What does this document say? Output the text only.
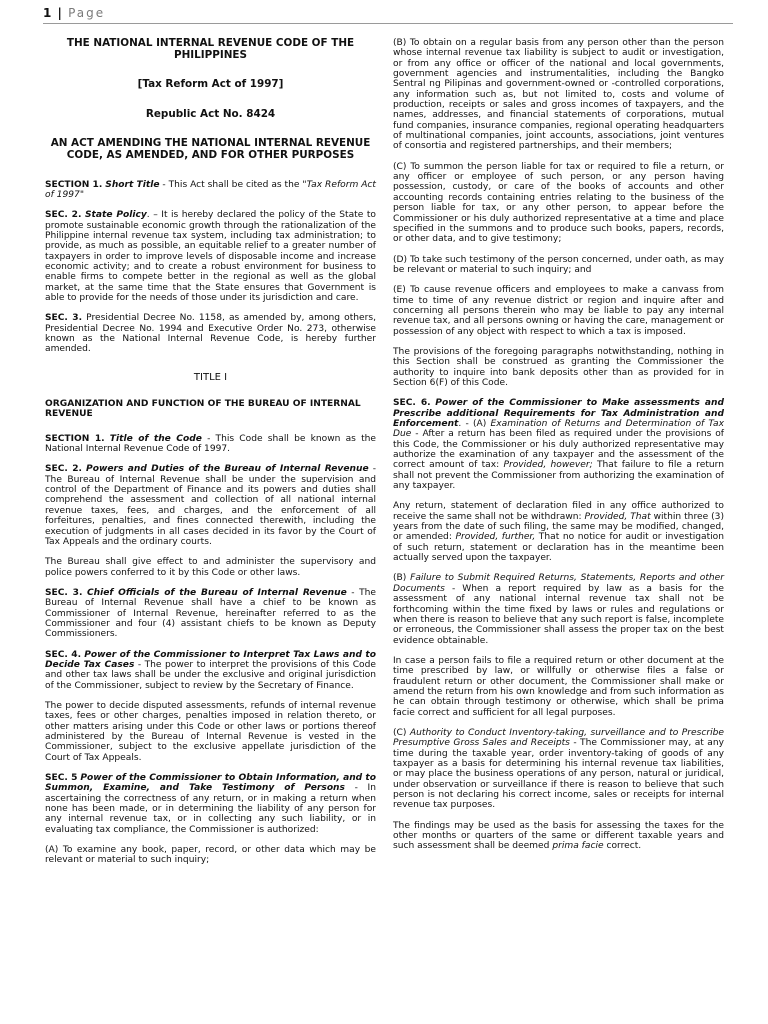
1 | Page
THE NATIONAL INTERNAL REVENUE CODE OF THE PHILIPPINES
[Tax Reform Act of 1997]
Republic Act No. 8424
AN ACT AMENDING THE NATIONAL INTERNAL REVENUE CODE, AS AMENDED, AND FOR OTHER PURPOSES

SECTION 1. Short Title - This Act shall be cited as the "Tax Reform Act of 1997"

SEC. 2. State Policy. – It is hereby declared the policy of the State to promote sustainable economic growth through the rationalization of the Philippine internal revenue tax system, including tax administration; to provide, as much as possible, an equitable relief to a greater number of taxpayers in order to improve levels of disposable income and increase economic activity; and to create a robust environment for business to enable firms to compete better in the regional as well as the global market, at the same time that the State ensures that Government is able to provide for the needs of those under its jurisdiction and care.

SEC. 3. Presidential Decree No. 1158, as amended by, among others, Presidential Decree No. 1994 and Executive Order No. 273, otherwise known as the National Internal Revenue Code, is hereby further amended.

TITLE I
ORGANIZATION AND FUNCTION OF THE BUREAU OF INTERNAL REVENUE

SECTION 1. Title of the Code - This Code shall be known as the National Internal Revenue Code of 1997.

SEC. 2. Powers and Duties of the Bureau of Internal Revenue - The Bureau of Internal Revenue shall be under the supervision and control of the Department of Finance and its powers and duties shall comprehend the assessment and collection of all national internal revenue taxes, fees, and charges, and the enforcement of all forfeitures, penalties, and fines connected therewith, including the execution of judgments in all cases decided in its favor by the Court of Tax Appeals and the ordinary courts.

The Bureau shall give effect to and administer the supervisory and police powers conferred to it by this Code or other laws.

SEC. 3. Chief Officials of the Bureau of Internal Revenue - The Bureau of Internal Revenue shall have a chief to be known as Commissioner of Internal Revenue, hereinafter referred to as the Commissioner and four (4) assistant chiefs to be known as Deputy Commissioners.

SEC. 4. Power of the Commissioner to Interpret Tax Laws and to Decide Tax Cases - The power to interpret the provisions of this Code and other tax laws shall be under the exclusive and original jurisdiction of the Commissioner, subject to review by the Secretary of Finance.

The power to decide disputed assessments, refunds of internal revenue taxes, fees or other charges, penalties imposed in relation thereto, or other matters arising under this Code or other laws or portions thereof administered by the Bureau of Internal Revenue is vested in the Commissioner, subject to the exclusive appellate jurisdiction of the Court of Tax Appeals.

SEC. 5 Power of the Commissioner to Obtain Information, and to Summon, Examine, and Take Testimony of Persons - In ascertaining the correctness of any return, or in making a return when none has been made, or in determining the liability of any person for any internal revenue tax, or in collecting any such liability, or in evaluating tax compliance, the Commissioner is authorized:

(A) To examine any book, paper, record, or other data which may be relevant or material to such inquiry;

(B) To obtain on a regular basis from any person other than the person whose internal revenue tax liability is subject to audit or investigation, or from any office or officer of the national and local governments, government agencies and instrumentalities, including the Bangko Sentral ng Pilipinas and government-owned or -controlled corporations, any information such as, but not limited to, costs and volume of production, receipts or sales and gross incomes of taxpayers, and the names, addresses, and financial statements of corporations, mutual fund companies, insurance companies, regional operating headquarters of multinational companies, joint accounts, associations, joint ventures of consortia and registered partnerships, and their members;

(C) To summon the person liable for tax or required to file a return, or any officer or employee of such person, or any person having possession, custody, or care of the books of accounts and other accounting records containing entries relating to the business of the person liable for tax, or any other person, to appear before the Commissioner or his duly authorized representative at a time and place specified in the summons and to produce such books, papers, records, or other data, and to give testimony;

(D) To take such testimony of the person concerned, under oath, as may be relevant or material to such inquiry; and

(E) To cause revenue officers and employees to make a canvass from time to time of any revenue district or region and inquire after and concerning all persons therein who may be liable to pay any internal revenue tax, and all persons owning or having the care, management or possession of any object with respect to which a tax is imposed.

The provisions of the foregoing paragraphs notwithstanding, nothing in this Section shall be construed as granting the Commissioner the authority to inquire into bank deposits other than as provided for in Section 6(F) of this Code.

SEC. 6. Power of the Commissioner to Make assessments and Prescribe additional Requirements for Tax Administration and Enforcement. - (A) Examination of Returns and Determination of Tax Due - After a return has been filed as required under the provisions of this Code, the Commissioner or his duly authorized representative may authorize the examination of any taxpayer and the assessment of the correct amount of tax: Provided, however; That failure to file a return shall not prevent the Commissioner from authorizing the examination of any taxpayer.

Any return, statement of declaration filed in any office authorized to receive the same shall not be withdrawn: Provided, That within three (3) years from the date of such filing, the same may be modified, changed, or amended: Provided, further, That no notice for audit or investigation of such return, statement or declaration has in the meantime been actually served upon the taxpayer.

(B) Failure to Submit Required Returns, Statements, Reports and other Documents - When a report required by law as a basis for the assessment of any national internal revenue tax shall not be forthcoming within the time fixed by laws or rules and regulations or when there is reason to believe that any such report is false, incomplete or erroneous, the Commissioner shall assess the proper tax on the best evidence obtainable.

In case a person fails to file a required return or other document at the time prescribed by law, or willfully or otherwise files a false or fraudulent return or other document, the Commissioner shall make or amend the return from his own knowledge and from such information as he can obtain through testimony or otherwise, which shall be prima facie correct and sufficient for all legal purposes.

(C) Authority to Conduct Inventory-taking, surveillance and to Prescribe Presumptive Gross Sales and Receipts - The Commissioner may, at any time during the taxable year, order inventory-taking of goods of any taxpayer as a basis for determining his internal revenue tax liabilities, or may place the business operations of any person, natural or juridical, under observation or surveillance if there is reason to believe that such person is not declaring his correct income, sales or receipts for internal revenue tax purposes.

The findings may be used as the basis for assessing the taxes for the other months or quarters of the same or different taxable years and such assessment shall be deemed prima facie correct.
